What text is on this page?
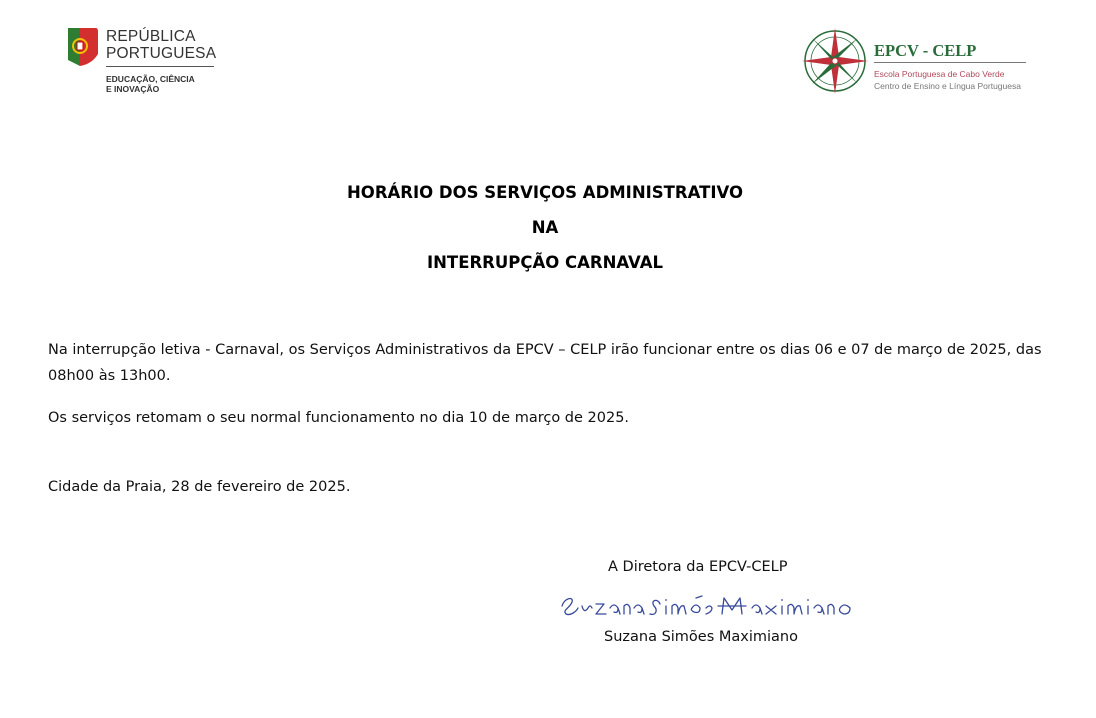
REPÚBLICA
PORTUGUESA
EDUCAÇÃO, CIÊNCIA
E INOVAÇÃO
EPCV - CELP
Escola Portuguesa de Cabo Verde
Centro de Ensino e Língua Portuguesa
HORÁRIO DOS SERVIÇOS ADMINISTRATIVO
NA
INTERRUPÇÃO CARNAVAL
Na interrupção letiva - Carnaval, os Serviços Administrativos da EPCV – CELP irão funcionar entre os dias 06 e 07 de março de 2025, das 08h00 às 13h00.
Os serviços retomam o seu normal funcionamento no dia 10 de março de 2025.
Cidade da Praia, 28 de fevereiro de 2025.
A Diretora da EPCV-CELP
Suzana Simões Maximiano
